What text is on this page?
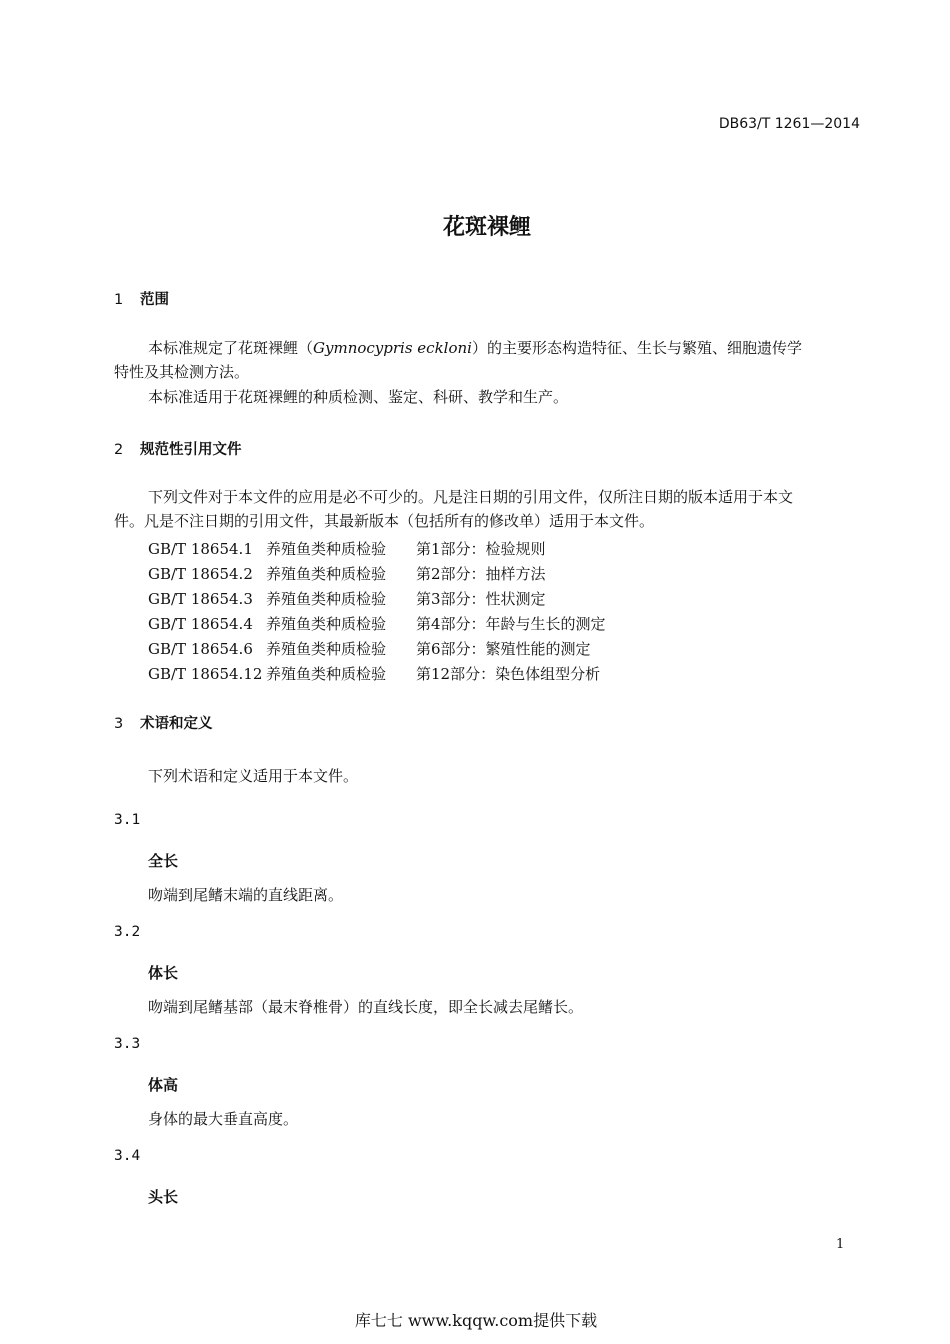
DB63/T 1261—2014
花斑裸鲤
1 范围
本标准规定了花斑裸鲤（Gymnocypris eckloni）的主要形态构造特征、生长与繁殖、细胞遗传学
特性及其检测方法。
本标准适用于花斑裸鲤的种质检测、鉴定、科研、教学和生产。
2 规范性引用文件
下列文件对于本文件的应用是必不可少的。凡是注日期的引用文件，仅所注日期的版本适用于本文
件。凡是不注日期的引用文件，其最新版本（包括所有的修改单）适用于本文件。
GB/T 18654.1 养殖鱼类种质检验 第1部分：检验规则
GB/T 18654.2 养殖鱼类种质检验 第2部分：抽样方法
GB/T 18654.3 养殖鱼类种质检验 第3部分：性状测定
GB/T 18654.4 养殖鱼类种质检验 第4部分：年龄与生长的测定
GB/T 18654.6 养殖鱼类种质检验 第6部分：繁殖性能的测定
GB/T 18654.12 养殖鱼类种质检验 第12部分：染色体组型分析
3 术语和定义
下列术语和定义适用于本文件。
3.1
全长
吻端到尾鳍末端的直线距离。
3.2
体长
吻端到尾鳍基部（最末脊椎骨）的直线长度，即全长减去尾鳍长。
3.3
体高
身体的最大垂直高度。
3.4
头长
1
库七七 www.kqqw.com提供下载
